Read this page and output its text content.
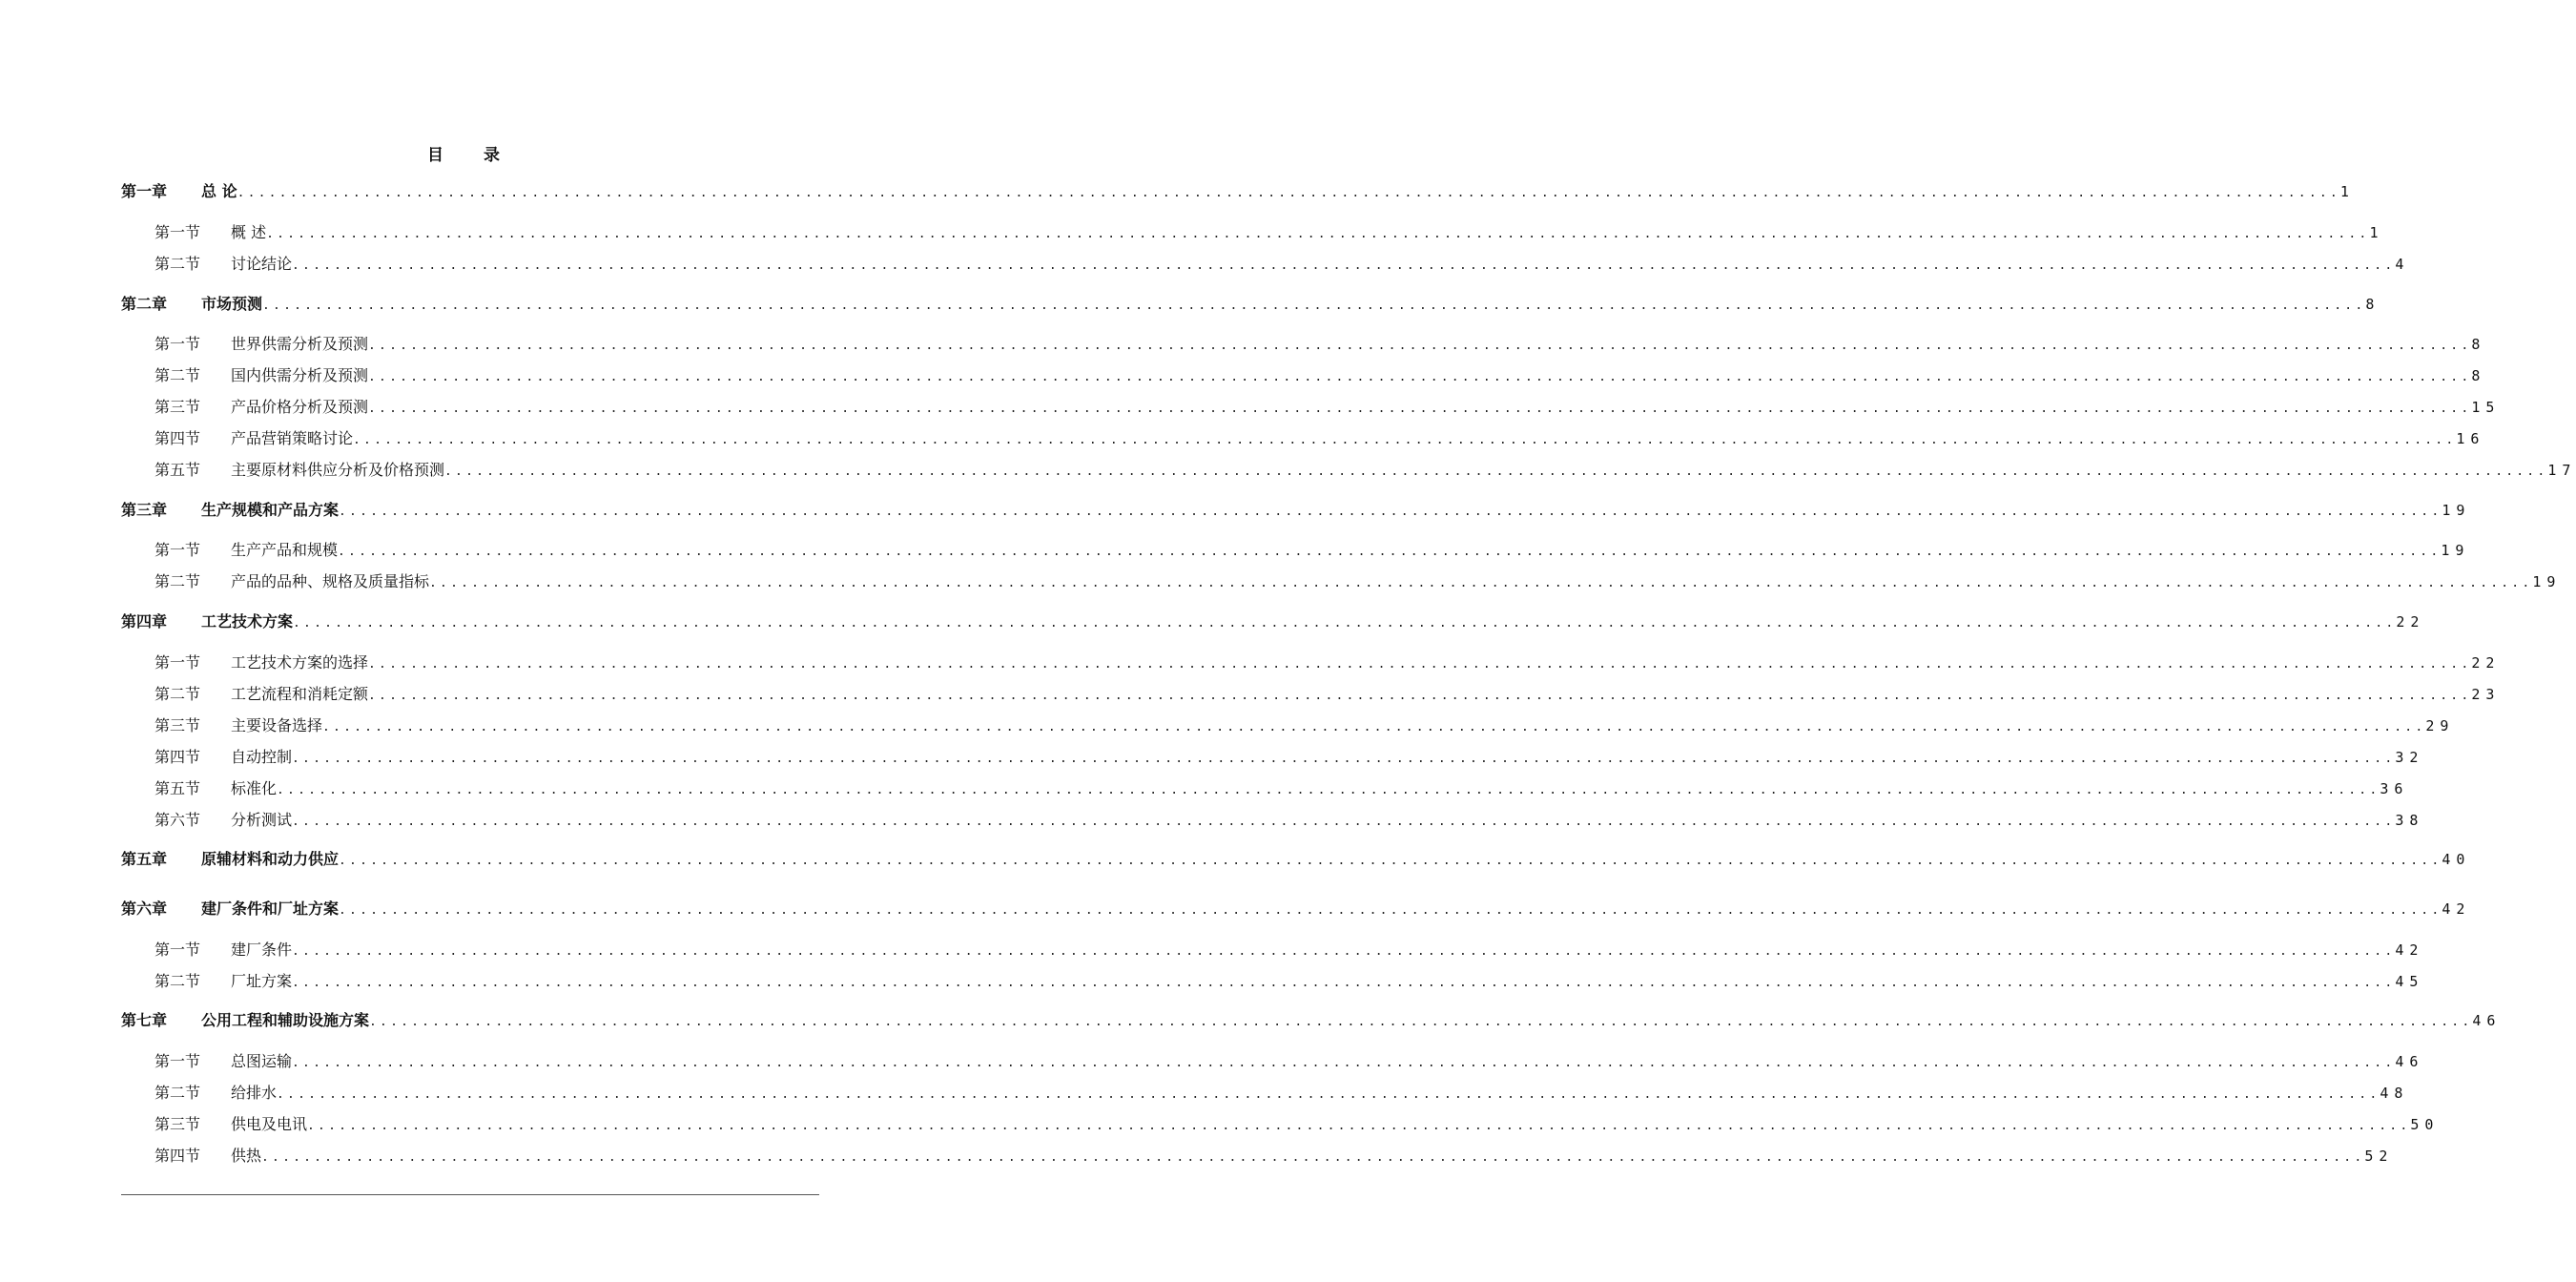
目 录
第一章	总 论 ........................................................................................................................................................................................................ 1
第一节	概 述 ........................................................................................................................................................................................................ 1
第二节	讨论结论 ........................................................................................................................................................................................................ 4
第二章	市场预测 ........................................................................................................................................................................................................ 8
第一节	世界供需分析及预测 ........................................................................................................................................................................................................ 8
第二节	国内供需分析及预测 ........................................................................................................................................................................................................ 8
第三节	产品价格分析及预测 ........................................................................................................................................................................................................ 15
第四节	产品营销策略讨论 ........................................................................................................................................................................................................ 16
第五节	主要原材料供应分析及价格预测 ........................................................................................................................................................................................................ 17
第三章	生产规模和产品方案 ........................................................................................................................................................................................................ 19
第一节	生产产品和规模 ........................................................................................................................................................................................................ 19
第二节	产品的品种、规格及质量指标 ........................................................................................................................................................................................................ 19
第四章	工艺技术方案 ........................................................................................................................................................................................................ 22
第一节	工艺技术方案的选择 ........................................................................................................................................................................................................ 22
第二节	工艺流程和消耗定额 ........................................................................................................................................................................................................ 23
第三节	主要设备选择 ........................................................................................................................................................................................................ 29
第四节	自动控制 ........................................................................................................................................................................................................ 32
第五节	标准化 ........................................................................................................................................................................................................ 36
第六节	分析测试 ........................................................................................................................................................................................................ 38
第五章	原辅材料和动力供应 ........................................................................................................................................................................................................ 40
第六章	建厂条件和厂址方案 ........................................................................................................................................................................................................ 42
第一节	建厂条件 ........................................................................................................................................................................................................ 42
第二节	厂址方案 ........................................................................................................................................................................................................ 45
第七章	公用工程和辅助设施方案 ........................................................................................................................................................................................................ 46
第一节	总图运输 ........................................................................................................................................................................................................ 46
第二节	给排水 ........................................................................................................................................................................................................ 48
第三节	供电及电讯 ........................................................................................................................................................................................................ 50
第四节	供热 ........................................................................................................................................................................................................ 52
